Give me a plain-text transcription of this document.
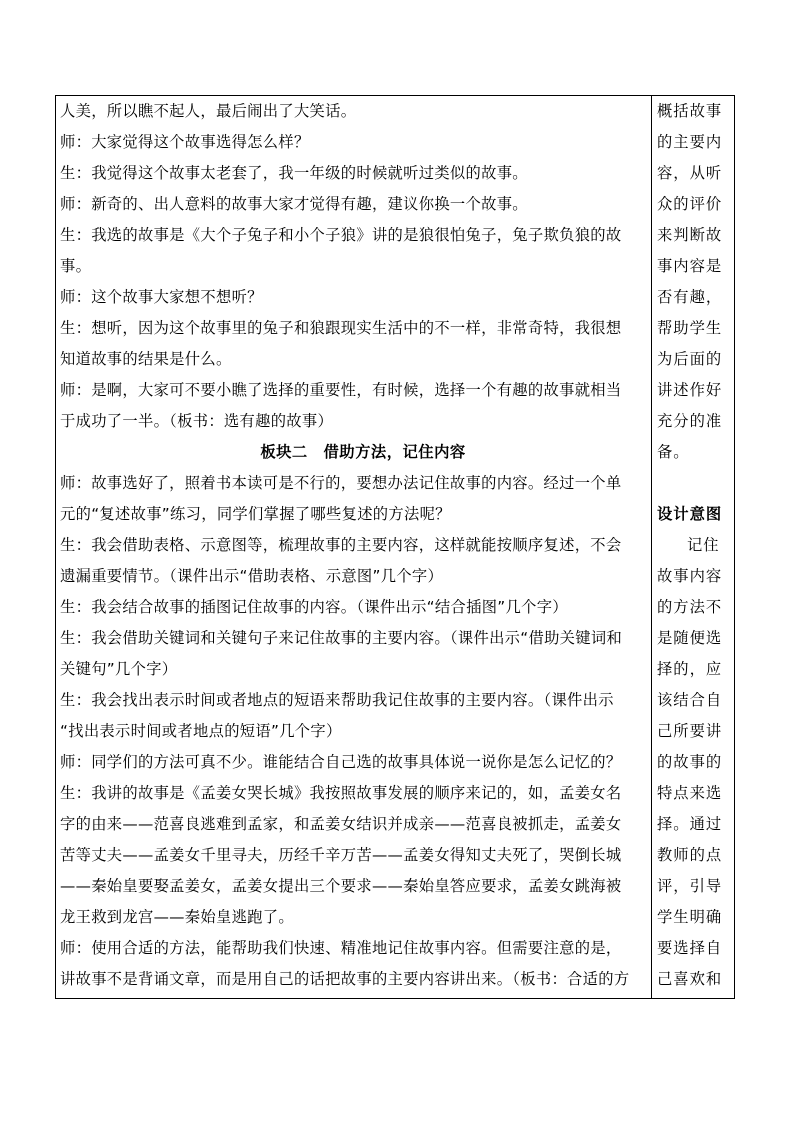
人美，所以瞧不起人，最后闹出了大笑话。
师：大家觉得这个故事选得怎么样？
生：我觉得这个故事太老套了，我一年级的时候就听过类似的故事。
师：新奇的、出人意料的故事大家才觉得有趣，建议你换一个故事。
生：我选的故事是《大个子兔子和小个子狼》讲的是狼很怕兔子，兔子欺负狼的故
事。
师：这个故事大家想不想听？
生：想听，因为这个故事里的兔子和狼跟现实生活中的不一样，非常奇特，我很想
知道故事的结果是什么。
师：是啊，大家可不要小瞧了选择的重要性，有时候，选择一个有趣的故事就相当
于成功了一半。（板书：选有趣的故事）
板块二　借助方法，记住内容
师：故事选好了，照着书本读可是不行的，要想办法记住故事的内容。经过一个单
元的“复述故事”练习，同学们掌握了哪些复述的方法呢？
生：我会借助表格、示意图等，梳理故事的主要内容，这样就能按顺序复述，不会
遗漏重要情节。（课件出示“借助表格、示意图”几个字）
生：我会结合故事的插图记住故事的内容。（课件出示“结合插图”几个字）
生：我会借助关键词和关键句子来记住故事的主要内容。（课件出示“借助关键词和
关键句”几个字）
生：我会找出表示时间或者地点的短语来帮助我记住故事的主要内容。（课件出示
“找出表示时间或者地点的短语”几个字）
师：同学们的方法可真不少。谁能结合自己选的故事具体说一说你是怎么记忆的？
生：我讲的故事是《孟姜女哭长城》我按照故事发展的顺序来记的，如，孟姜女名
字的由来——范喜良逃难到孟家，和孟姜女结识并成亲——范喜良被抓走，孟姜女
苦等丈夫——孟姜女千里寻夫，历经千辛万苦——孟姜女得知丈夫死了，哭倒长城
——秦始皇要娶孟姜女，孟姜女提出三个要求——秦始皇答应要求，孟姜女跳海被
龙王救到龙宫——秦始皇逃跑了。
师：使用合适的方法，能帮助我们快速、精准地记住故事内容。但需要注意的是，
讲故事不是背诵文章，而是用自己的话把故事的主要内容讲出来。（板书：合适的方
概括故事
的主要内
容，从听
众的评价
来判断故
事内容是
否有趣，
帮助学生
为后面的
讲述作好
充分的准
备。
设计意图
记住
故事内容
的方法不
是随便选
择的，应
该结合自
己所要讲
的故事的
特点来选
择。通过
教师的点
评，引导
学生明确
要选择自
己喜欢和
